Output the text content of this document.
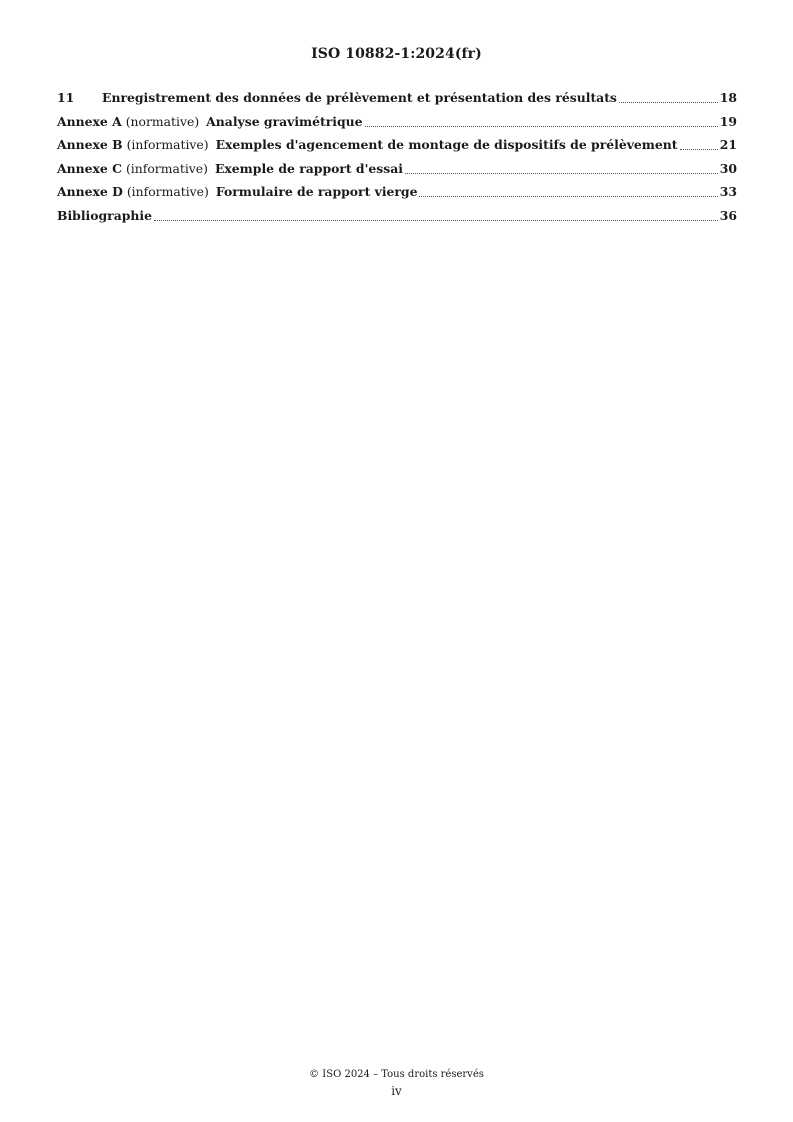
ISO 10882-1:2024(fr)
11	Enregistrement des données de prélèvement et présentation des résultats	18
Annexe A (normative) Analyse gravimétrique	19
Annexe B (informative) Exemples d'agencement de montage de dispositifs de prélèvement	21
Annexe C (informative) Exemple de rapport d'essai	30
Annexe D (informative) Formulaire de rapport vierge	33
Bibliographie	36
© ISO 2024 – Tous droits réservés
iv
